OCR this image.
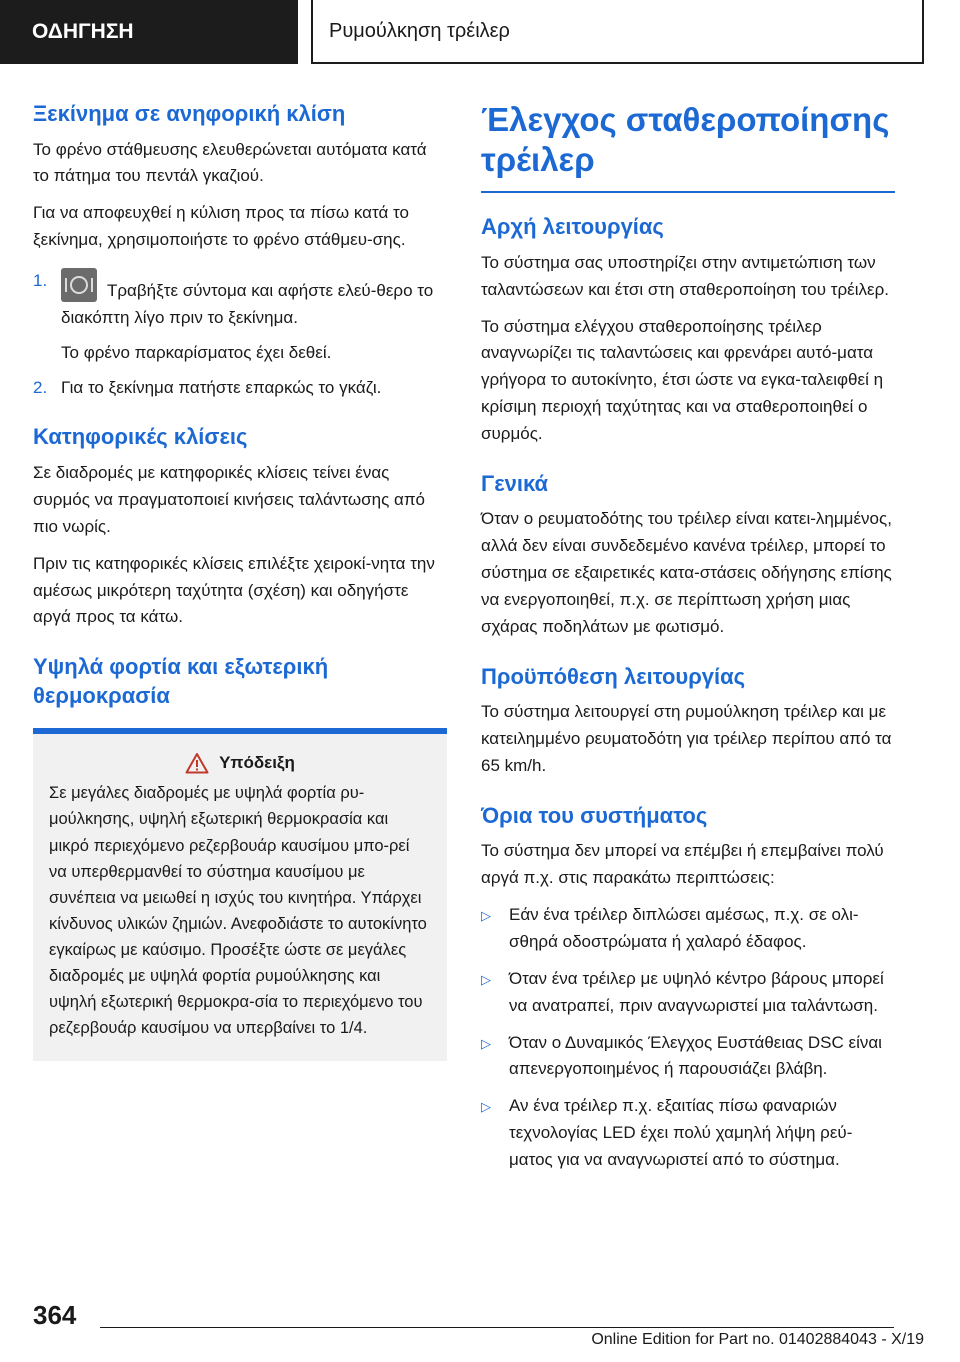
ΟΔΗΓΗΣΗ	Ρυμούλκηση τρέιλερ
Ξεκίνημα σε ανηφορική κλίση

Το φρένο στάθμευσης ελευθερώνεται αυτόματα κατά το πάτημα του πεντάλ γκαζιού.

Για να αποφευχθεί η κύλιση προς τα πίσω κατά το ξεκίνημα, χρησιμοποιήστε το φρένο στάθμευ-σης.

1.
Τραβήξτε σύντομα και αφήστε ελεύ-θερο το διακόπτη λίγο πριν το ξεκίνημα.
Το φρένο παρκαρίσματος έχει δεθεί.
2. Για το ξεκίνημα πατήστε επαρκώς το γκάζι.
Κατηφορικές κλίσεις

Σε διαδρομές με κατηφορικές κλίσεις τείνει ένας συρμός να πραγματοποιεί κινήσεις ταλάντωσης από πιο νωρίς.

Πριν τις κατηφορικές κλίσεις επιλέξτε χειροκί-νητα την αμέσως μικρότερη ταχύτητα (σχέση) και οδηγήστε αργά προς τα κάτω.

Υψηλά φορτία και εξωτερική θερμοκρασία
Υπόδειξη

Σε μεγάλες διαδρομές με υψηλά φορτία ρυ-μούλκησης, υψηλή εξωτερική θερμοκρασία και μικρό περιεχόμενο ρεζερβουάρ καυσίμου μπο-ρεί να υπερθερμανθεί το σύστημα καυσίμου με συνέπεια να μειωθεί η ισχύς του κινητήρα. Υπάρχει κίνδυνος υλικών ζημιών. Ανεφοδιάστε το αυτοκίνητο εγκαίρως με καύσιμο. Προσέξτε ώστε σε μεγάλες διαδρομές με υψηλά φορτία ρυμούλκησης και υψηλή εξωτερική θερμοκρα-σία το περιεχόμενο του ρεζερβουάρ καυσίμου να υπερβαίνει το 1/4.

Έλεγχος σταθεροποίησης τρέιλερ
Αρχή λειτουργίας

Το σύστημα σας υποστηρίζει στην αντιμετώπιση των ταλαντώσεων και έτσι στη σταθεροποίηση του τρέιλερ.

Το σύστημα ελέγχου σταθεροποίησης τρέιλερ αναγνωρίζει τις ταλαντώσεις και φρενάρει αυτό-ματα γρήγορα το αυτοκίνητο, έτσι ώστε να εγκα-ταλειφθεί η κρίσιμη περιοχή ταχύτητας και να σταθεροποιηθεί ο συρμός.

Γενικά

Όταν ο ρευματοδότης του τρέιλερ είναι κατει-λημμένος, αλλά δεν είναι συνδεδεμένο κανένα τρέιλερ, μπορεί το σύστημα σε εξαιρετικές κατα-στάσεις οδήγησης επίσης να ενεργοποιηθεί, π.χ. σε περίπτωση χρήση μιας σχάρας ποδηλάτων με φωτισμό.

Προϋπόθεση λειτουργίας

Το σύστημα λειτουργεί στη ρυμούλκηση τρέιλερ και με κατειλημμένο ρευματοδότη για τρέιλερ περίπου από τα 65 km/h.

Όρια του συστήματος

Το σύστημα δεν μπορεί να επέμβει ή επεμβαίνει πολύ αργά π.χ. στις παρακάτω περιπτώσεις:

▷	Εάν ένα τρέιλερ διπλώσει αμέσως, π.χ. σε ολι-σθηρά οδοστρώματα ή χαλαρό έδαφος.
▷	Όταν ένα τρέιλερ με υψηλό κέντρο βάρους μπορεί να ανατραπεί, πριν αναγνωριστεί μια ταλάντωση.
▷	Όταν ο Δυναμικός Έλεγχος Ευστάθειας DSC είναι απενεργοποιημένος ή παρουσιάζει βλάβη.
▷	Αν ένα τρέιλερ π.χ. εξαιτίας πίσω φαναριών τεχνολογίας LED έχει πολύ χαμηλή λήψη ρεύ-ματος για να αναγνωριστεί από το σύστημα.
364
Online Edition for Part no. 01402884043 - X/19
